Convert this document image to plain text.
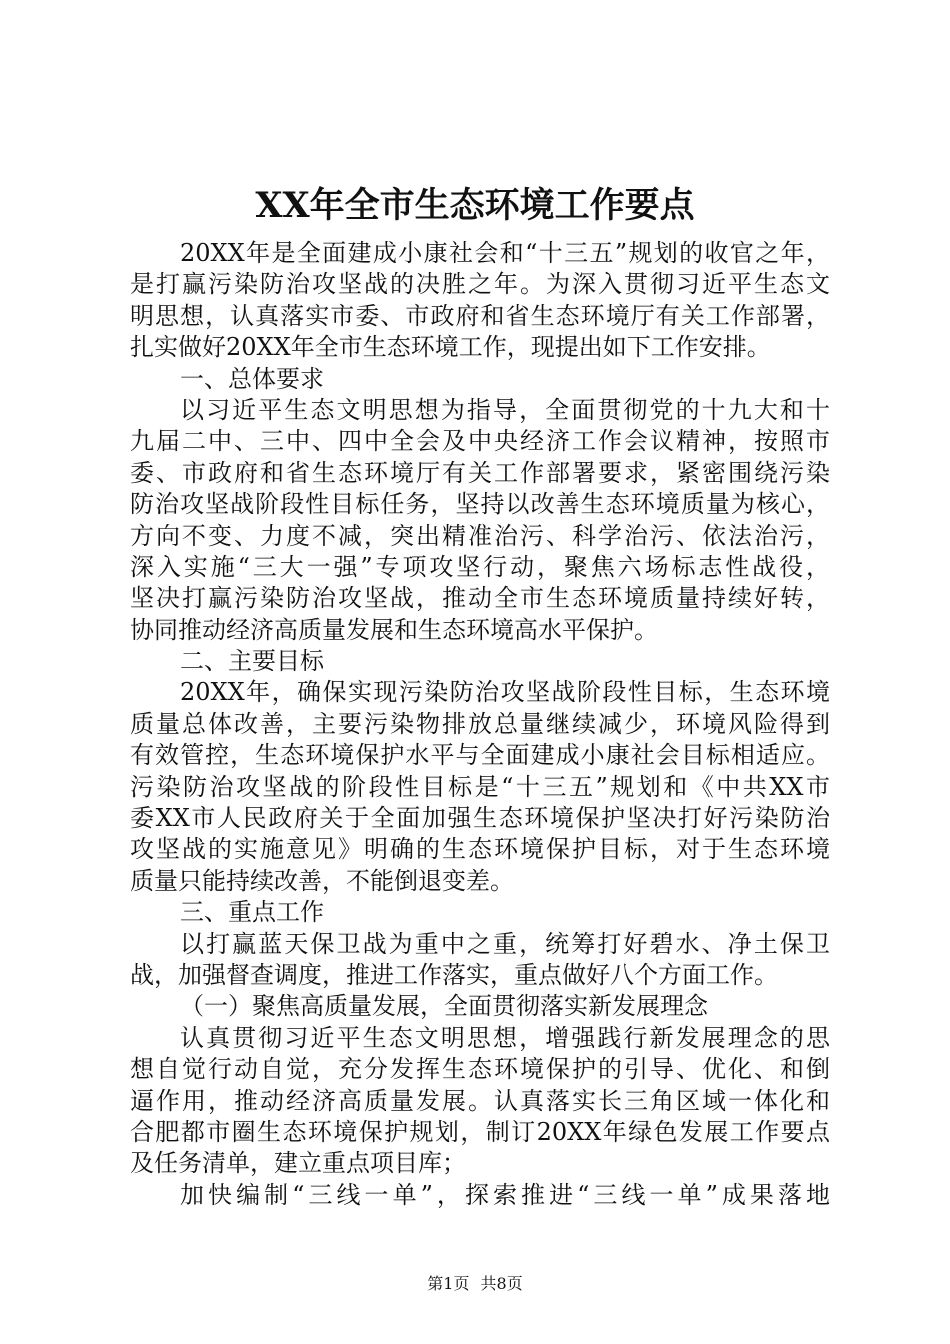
XX年全市生态环境工作要点
20XX年是全面建成小康社会和“十三五”规划的收官之年，
是打赢污染防治攻坚战的决胜之年。为深入贯彻习近平生态文
明思想，认真落实市委、市政府和省生态环境厅有关工作部署，
扎实做好20XX年全市生态环境工作，现提出如下工作安排。
一、总体要求
以习近平生态文明思想为指导，全面贯彻党的十九大和十
九届二中、三中、四中全会及中央经济工作会议精神，按照市
委、市政府和省生态环境厅有关工作部署要求，紧密围绕污染
防治攻坚战阶段性目标任务，坚持以改善生态环境质量为核心，
方向不变、力度不减，突出精准治污、科学治污、依法治污，
深入实施“三大一强”专项攻坚行动，聚焦六场标志性战役，
坚决打赢污染防治攻坚战，推动全市生态环境质量持续好转，
协同推动经济高质量发展和生态环境高水平保护。
二、主要目标
20XX年，确保实现污染防治攻坚战阶段性目标，生态环境
质量总体改善，主要污染物排放总量继续减少，环境风险得到
有效管控，生态环境保护水平与全面建成小康社会目标相适应。
污染防治攻坚战的阶段性目标是“十三五”规划和《中共XX市
委XX市人民政府关于全面加强生态环境保护坚决打好污染防治
攻坚战的实施意见》明确的生态环境保护目标，对于生态环境
质量只能持续改善，不能倒退变差。
三、重点工作
以打赢蓝天保卫战为重中之重，统筹打好碧水、净土保卫
战，加强督查调度，推进工作落实，重点做好八个方面工作。
（一）聚焦高质量发展，全面贯彻落实新发展理念
认真贯彻习近平生态文明思想，增强践行新发展理念的思
想自觉行动自觉，充分发挥生态环境保护的引导、优化、和倒
逼作用，推动经济高质量发展。认真落实长三角区域一体化和
合肥都市圈生态环境保护规划，制订20XX年绿色发展工作要点
及任务清单，建立重点项目库；
加快编制“三线一单”，探索推进“三线一单”成果落地
第1页 共8页
